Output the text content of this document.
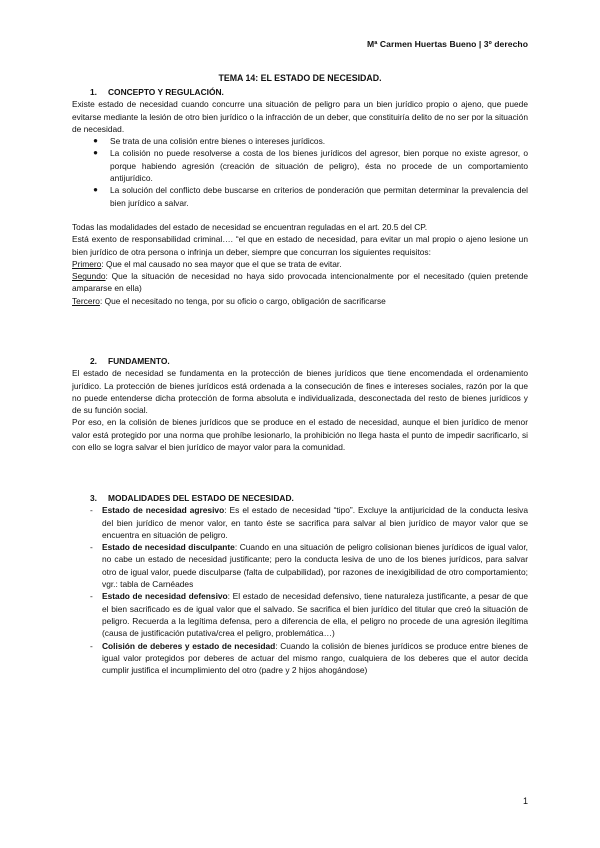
Mª Carmen Huertas Bueno | 3º derecho
TEMA 14: EL ESTADO DE NECESIDAD.
1. CONCEPTO Y REGULACIÓN.
Existe estado de necesidad cuando concurre una situación de peligro para un bien jurídico propio o ajeno, que puede evitarse mediante la lesión de otro bien jurídico o la infracción de un deber, que constituiría delito de no ser por la situación de necesidad.
●	Se trata de una colisión entre bienes o intereses jurídicos.
●	La colisión no puede resolverse a costa de los bienes jurídicos del agresor, bien porque no existe agresor, o porque habiendo agresión (creación de situación de peligro), ésta no procede de un comportamiento antijurídico.
●	La solución del conflicto debe buscarse en criterios de ponderación que permitan determinar la prevalencia del bien jurídico a salvar.
Todas las modalidades del estado de necesidad se encuentran reguladas en el art. 20.5 del CP.
Está exento de responsabilidad criminal…. “el que en estado de necesidad, para evitar un mal propio o ajeno lesione un bien jurídico de otra persona o infrinja un deber, siempre que concurran los siguientes requisitos:
Primero: Que el mal causado no sea mayor que el que se trata de evitar.
Segundo: Que la situación de necesidad no haya sido provocada intencionalmente por el necesitado (quien pretende ampararse en ella)
Tercero: Que el necesitado no tenga, por su oficio o cargo, obligación de sacrificarse
2. FUNDAMENTO.
El estado de necesidad se fundamenta en la protección de bienes jurídicos que tiene encomendada el ordenamiento jurídico. La protección de bienes jurídicos está ordenada a la consecución de fines e intereses sociales, razón por la que no puede entenderse dicha protección de forma absoluta e individualizada, desconectada del resto de bienes jurídicos y de su función social.
Por eso, en la colisión de bienes jurídicos que se produce en el estado de necesidad, aunque el bien jurídico de menor valor está protegido por una norma que prohíbe lesionarlo, la prohibición no llega hasta el punto de impedir sacrificarlo, si con ello se logra salvar el bien jurídico de mayor valor para la comunidad.
3. MODALIDADES DEL ESTADO DE NECESIDAD.
-	Estado de necesidad agresivo: Es el estado de necesidad “tipo”. Excluye la antijuricidad de la conducta lesiva del bien jurídico de menor valor, en tanto éste se sacrifica para salvar al bien jurídico de mayor valor que se encuentra en situación de peligro.
-	Estado de necesidad disculpante: Cuando en una situación de peligro colisionan bienes jurídicos de igual valor, no cabe un estado de necesidad justificante; pero la conducta lesiva de uno de los bienes jurídicos, para salvar otro de igual valor, puede disculparse (falta de culpabilidad), por razones de inexigibilidad de otro comportamiento; vgr.: tabla de Carnéades
-	Estado de necesidad defensivo: El estado de necesidad defensivo, tiene naturaleza justificante, a pesar de que el bien sacrificado es de igual valor que el salvado. Se sacrifica el bien jurídico del titular que creó la situación de peligro. Recuerda a la legítima defensa, pero a diferencia de ella, el peligro no procede de una agresión ilegítima (causa de justificación putativa/crea el peligro, problemática…)
-	Colisión de deberes y estado de necesidad: Cuando la colisión de bienes jurídicos se produce entre bienes de igual valor protegidos por deberes de actuar del mismo rango, cualquiera de los deberes que el autor decida cumplir justifica el incumplimiento del otro (padre y 2 hijos ahogándose)
1
